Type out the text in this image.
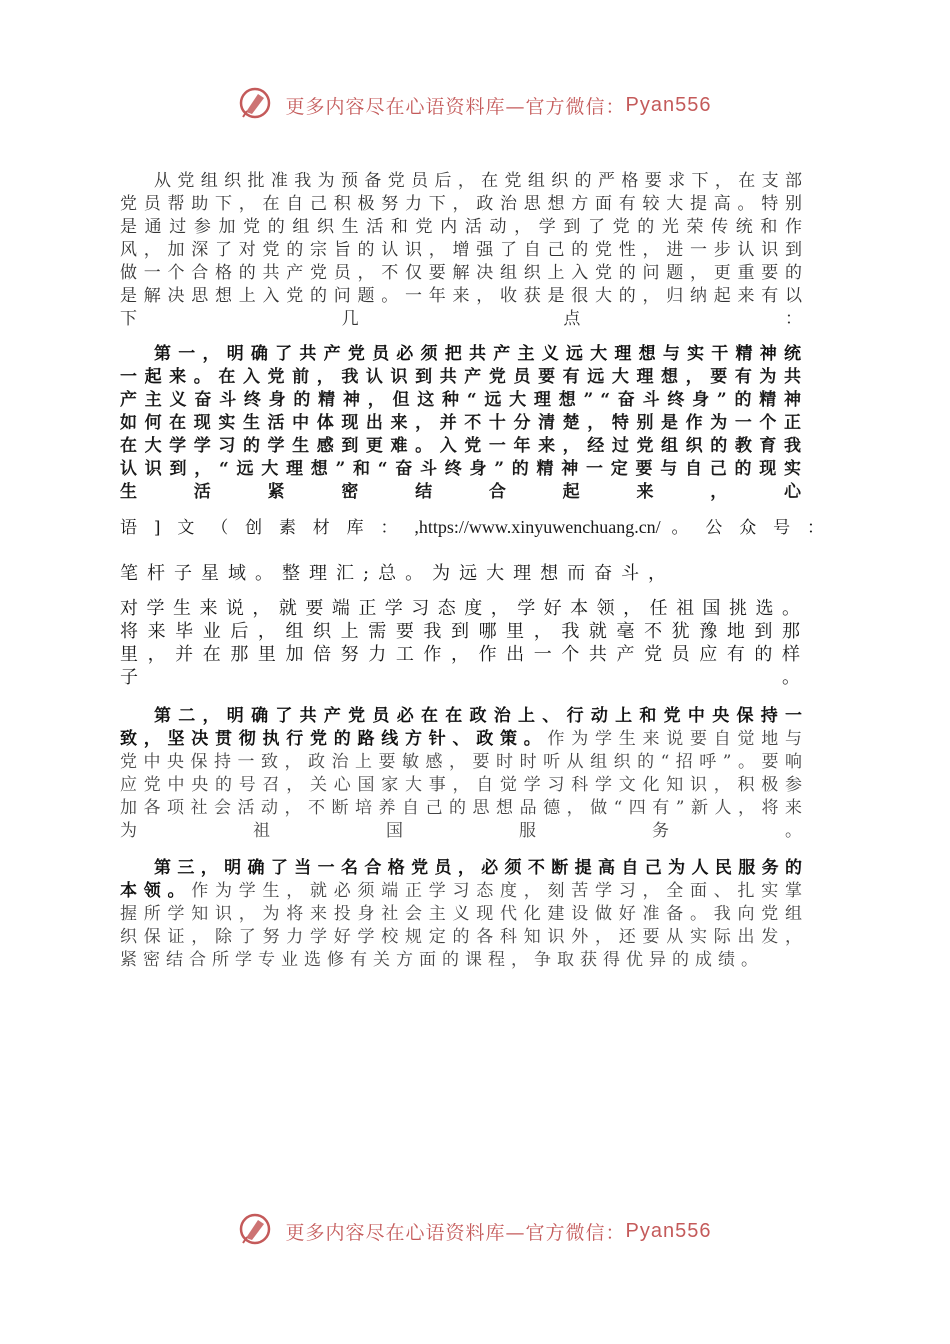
更多内容尽在心语资料库—官方微信：Pyan556

从党组织批准我为预备党员后，在党组织的严格要求下，在支部党员帮助下，在自己积极努力下，政治思想方面有较大提高。特别是通过参加党的组织生活和党内活动，学到了党的光荣传统和作风，加深了对党的宗旨的认识，增强了自己的党性，进一步认识到做一个合格的共产党员，不仅要解决组织上入党的问题，更重要的是解决思想上入党的问题。一年来，收获是很大的，归纳起来有以下几点：

第一，明确了共产党员必须把共产主义远大理想与实干精神统一起来。在入党前，我认识到共产党员要有远大理想，要有为共产主义奋斗终身的精神，但这种“远大理想”“奋斗终身”的精神如何在现实生活中体现出来，并不十分清楚，特别是作为一个正在大学学习的学生感到更难。入党一年来，经过党组织的教育我认识到，“远大理想”和“奋斗终身”的精神一定要与自己的现实生活紧密结合起来，心

语]文（创素材库：,https://www.xinyuwenchuang.cn/。公众号：
笔杆子星域。整理汇;总。为远大理想而奋斗，

对学生来说，就要端正学习态度，学好本领，任祖国挑选。将来毕业后，组织上需要我到哪里，我就毫不犹豫地到那里，并在那里加倍努力工作，作出一个共产党员应有的样子。

第二，明确了共产党员必在在政治上、行动上和党中央保持一致，坚决贯彻执行党的路线方针、政策。作为学生来说要自觉地与党中央保持一致，政治上要敏感，要时时听从组织的“招呼”。要响应党中央的号召，关心国家大事，自觉学习科学文化知识，积极参加各项社会活动，不断培养自己的思想品德，做“四有”新人，将来为祖国服务。

第三，明确了当一名合格党员，必须不断提高自己为人民服务的本领。作为学生，就必须端正学习态度，刻苦学习，全面、扎实掌握所学知识，为将来投身社会主义现代化建设做好准备。我向党组织保证，除了努力学好学校规定的各科知识外，还要从实际出发，紧密结合所学专业选修有关方面的课程，争取获得优异的成绩。

更多内容尽在心语资料库—官方微信：Pyan556
